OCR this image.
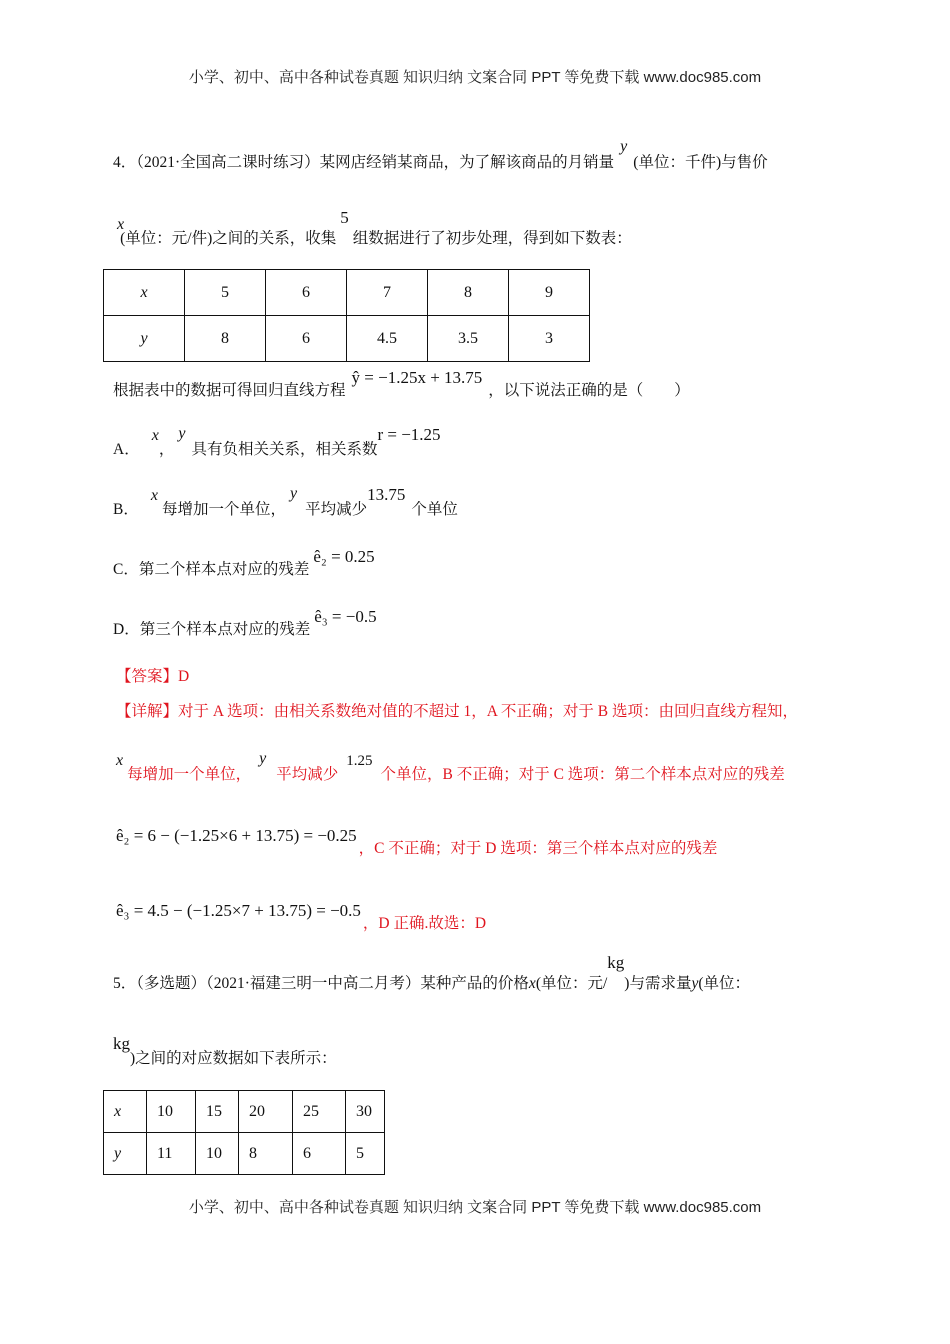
小学、初中、高中各种试卷真题 知识归纳 文案合同 PPT 等免费下载 www.doc985.com
4．（2021·全国高二课时练习）某网店经销某商品，为了解该商品的月销量y(单位：千件)与售价
x(单位：元/件)之间的关系，收集5组数据进行了初步处理，得到如下数表：
x	5	6	7	8	9
y	8	6	4.5	3.5	3
根据表中的数据可得回归直线方程ŷ = −1.25x + 13.75，以下说法正确的是（　　）
A．x，y具有负相关关系，相关系数r = −1.25
B．x每增加一个单位，y平均减少13.75个单位
C．第二个样本点对应的残差ê₂ = 0.25
D．第三个样本点对应的残差ê₃ = −0.5
【答案】D
【详解】对于 A 选项：由相关系数绝对值的不超过 1，A 不正确；对于 B 选项：由回归直线方程知，
x每增加一个单位，y平均减少1.25个单位，B 不正确；对于 C 选项：第二个样本点对应的残差
ê₂ = 6 − (−1.25×6 + 13.75) = −0.25，C 不正确；对于 D 选项：第三个样本点对应的残差
ê₃ = 4.5 − (−1.25×7 + 13.75) = −0.5，D 正确.故选：D
5．（多选题）（2021·福建三明一中高二月考）某种产品的价格x(单位：元/kg)与需求量y(单位：
kg)之间的对应数据如下表所示：
x	10	15	20	25	30
y	11	10	8	6	5
小学、初中、高中各种试卷真题 知识归纳 文案合同 PPT 等免费下载 www.doc985.com
